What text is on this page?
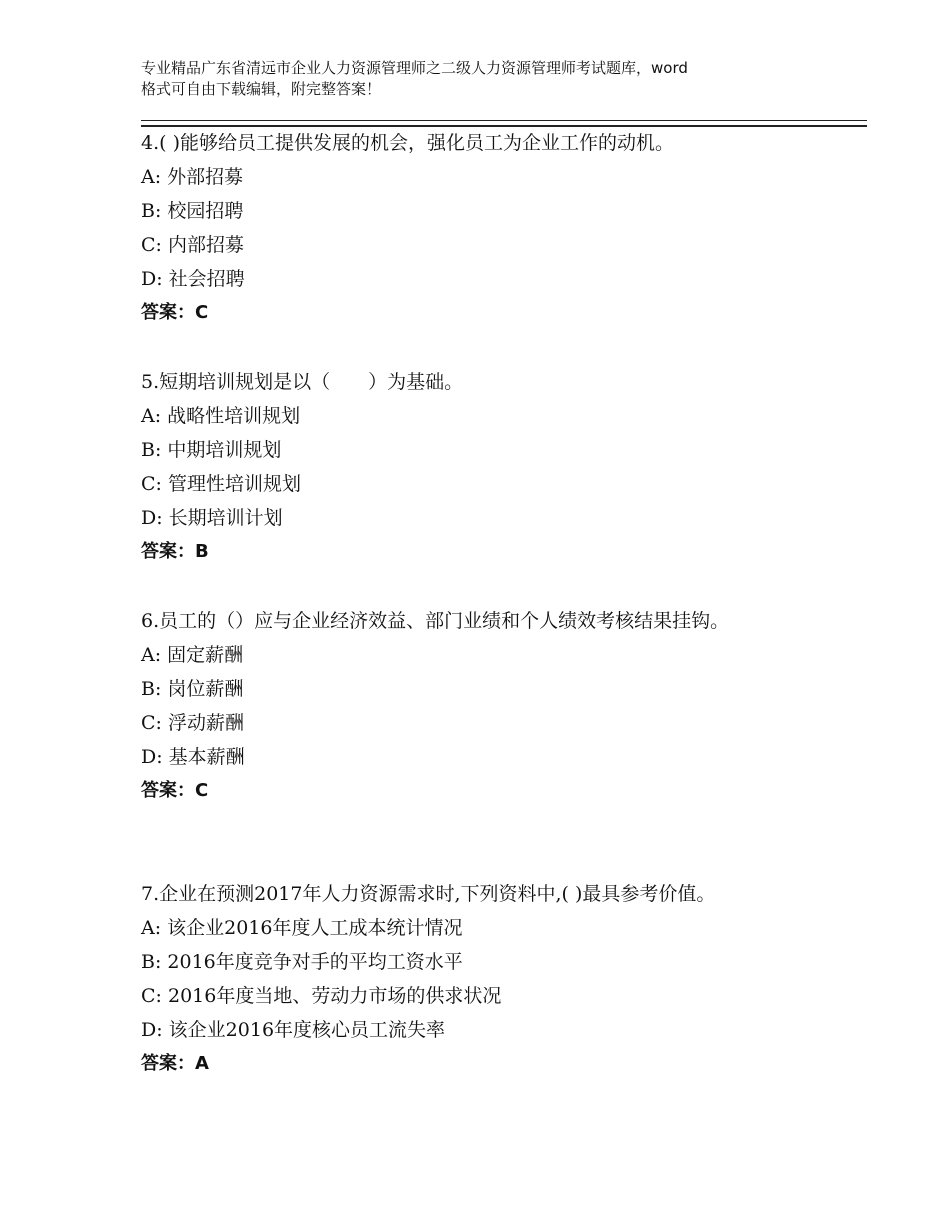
专业精品广东省清远市企业人力资源管理师之二级人力资源管理师考试题库，word
格式可自由下载编辑，附完整答案！
4.( )能够给员工提供发展的机会，强化员工为企业工作的动机。
A: 外部招募
B: 校园招聘
C: 内部招募
D: 社会招聘
答案：C
5.短期培训规划是以（　　）为基础。
A: 战略性培训规划
B: 中期培训规划
C: 管理性培训规划
D: 长期培训计划
答案：B
6.员工的（）应与企业经济效益、部门业绩和个人绩效考核结果挂钩。
A: 固定薪酬
B: 岗位薪酬
C: 浮动薪酬
D: 基本薪酬
答案：C
7.企业在预测2017年人力资源需求时,下列资料中,( )最具参考价值。
A: 该企业2016年度人工成本统计情况
B: 2016年度竞争对手的平均工资水平
C: 2016年度当地、劳动力市场的供求状况
D: 该企业2016年度核心员工流失率
答案：A
